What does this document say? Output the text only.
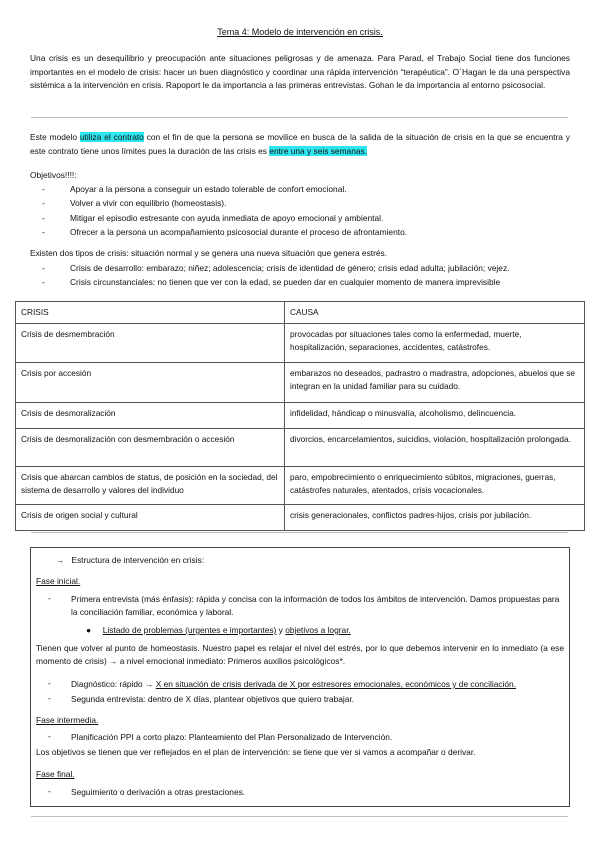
Tema 4: Modelo de intervención en crisis.
Una crisis es un desequilibrio y preocupación ante situaciones peligrosas y de amenaza. Para Parad, el Trabajo Social tiene dos funciones importantes en el modelo de crisis: hacer un buen diagnóstico y coordinar una rápida intervención “terapéutica”. O´Hagan le da una perspectiva sistémica a la intervención en crisis. Rapoport le da importancia a las primeras entrevistas. Gohan le da importancia al entorno psicosocial.
Este modelo utiliza el contrato con el fin de que la persona se movilice en busca de la salida de la situación de crisis en la que se encuentra y este contrato tiene unos límites pues la duración de las crisis es entre una y seis semanas.
Objetivos!!!!:
-	Apoyar a la persona a conseguir un estado tolerable de confort emocional.
-	Volver a vivir con equilibrio (homeostasis).
-	Mitigar el episodio estresante con ayuda inmediata de apoyo emocional y ambiental.
-	Ofrecer a la persona un acompañamiento psicosocial durante el proceso de afrontamiento.
Existen dos tipos de crisis: situación normal y se genera una nueva situación que genera estrés.
-	Crisis de desarrollo: embarazo; niñez; adolescencia; crisis de identidad de género; crisis edad adulta; jubilación; vejez.
-	Crisis circunstanciales: no tienen que ver con la edad, se pueden dar en cualquier momento de manera imprevisible
CRISIS	CAUSA
Crisis de desmembración	provocadas por situaciones tales como la enfermedad, muerte, hospitalización, separaciones, accidentes, catástrofes.
Crisis por accesión	embarazos no deseados, padrastro o madrastra, adopciones, abuelos que se integran en la unidad familiar para su cuidado.
Crisis de desmoralización	infidelidad, hándicap o minusvalía, alcoholismo, delincuencia.
Crisis de desmoralización con desmembración o accesión	divorcios, encarcelamientos, suicidios, violación, hospitalización prolongada.
Crisis que abarcan cambios de status, de posición en la sociedad, del sistema de desarrollo y valores del individuo	paro, empobrecimiento o enriquecimiento súbitos, migraciones, guerras, catástrofes naturales, atentados, crisis vocacionales.
Crisis de origen social y cultural	crisis generacionales, conflictos padres-hijos, crisis por jubilación.
→ Estructura de intervención en crisis:
Fase inicial.
Primera entrevista (más énfasis): rápida y concisa con la información de todos los ámbitos de intervención. Damos propuestas para la conciliación familiar, económica y laboral.
-
● Listado de problemas (urgentes e importantes) y objetivos a lograr.
Tienen que volver al punto de homeostasis. Nuestro papel es relajar el nivel del estrés, por lo que debemos intervenir en lo inmediato (a ese momento de crisis) → a nivel emocional inmediato: Primeros auxilios psicológicos*.
- Diagnóstico: rápido → X en situación de crisis derivada de X por estresores emocionales, económicos y de conciliación.
- Segunda entrevista: dentro de X días, plantear objetivos que quiero trabajar.
Fase intermedia.
- Planificación PPI a corto plazo: Planteamiento del Plan Personalizado de Intervención.
Los objetivos se tienen que ver reflejados en el plan de intervención: se tiene que ver si vamos a acompañar o derivar.
Fase final.
- Seguimiento o derivación a otras prestaciones.
